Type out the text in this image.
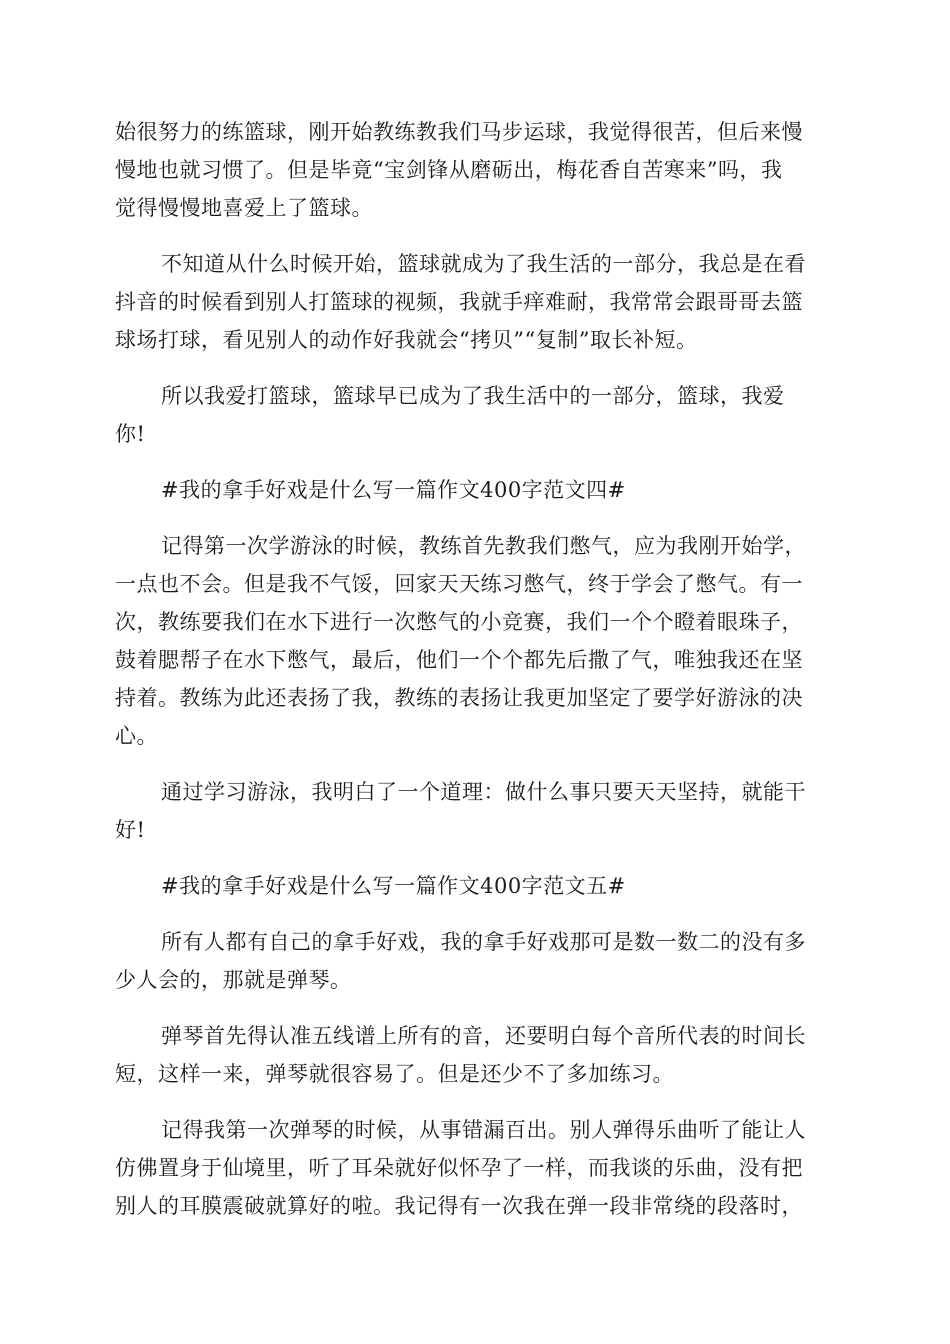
始很努力的练篮球，刚开始教练教我们马步运球，我觉得很苦，但后来慢
慢地也就习惯了。但是毕竟“宝剑锋从磨砺出，梅花香自苦寒来”吗，我
觉得慢慢地喜爱上了篮球。

不知道从什么时候开始，篮球就成为了我生活的一部分，我总是在看
抖音的时候看到别人打篮球的视频，我就手痒难耐，我常常会跟哥哥去篮
球场打球，看见别人的动作好我就会“拷贝”“复制”取长补短。

所以我爱打篮球，篮球早已成为了我生活中的一部分，篮球，我爱
你!

#我的拿手好戏是什么写一篇作文400字范文四#

记得第一次学游泳的时候，教练首先教我们憋气，应为我刚开始学，
一点也不会。但是我不气馁，回家天天练习憋气，终于学会了憋气。有一
次，教练要我们在水下进行一次憋气的小竞赛，我们一个个瞪着眼珠子，
鼓着腮帮子在水下憋气，最后，他们一个个都先后撒了气，唯独我还在坚
持着。教练为此还表扬了我，教练的表扬让我更加坚定了要学好游泳的决
心。

通过学习游泳，我明白了一个道理：做什么事只要天天坚持，就能干
好!

#我的拿手好戏是什么写一篇作文400字范文五#

所有人都有自己的拿手好戏，我的拿手好戏那可是数一数二的没有多
少人会的，那就是弹琴。

弹琴首先得认准五线谱上所有的音，还要明白每个音所代表的时间长
短，这样一来，弹琴就很容易了。但是还少不了多加练习。

记得我第一次弹琴的时候，从事错漏百出。别人弹得乐曲听了能让人
仿佛置身于仙境里，听了耳朵就好似怀孕了一样，而我谈的乐曲，没有把
别人的耳膜震破就算好的啦。我记得有一次我在弹一段非常绕的段落时，
